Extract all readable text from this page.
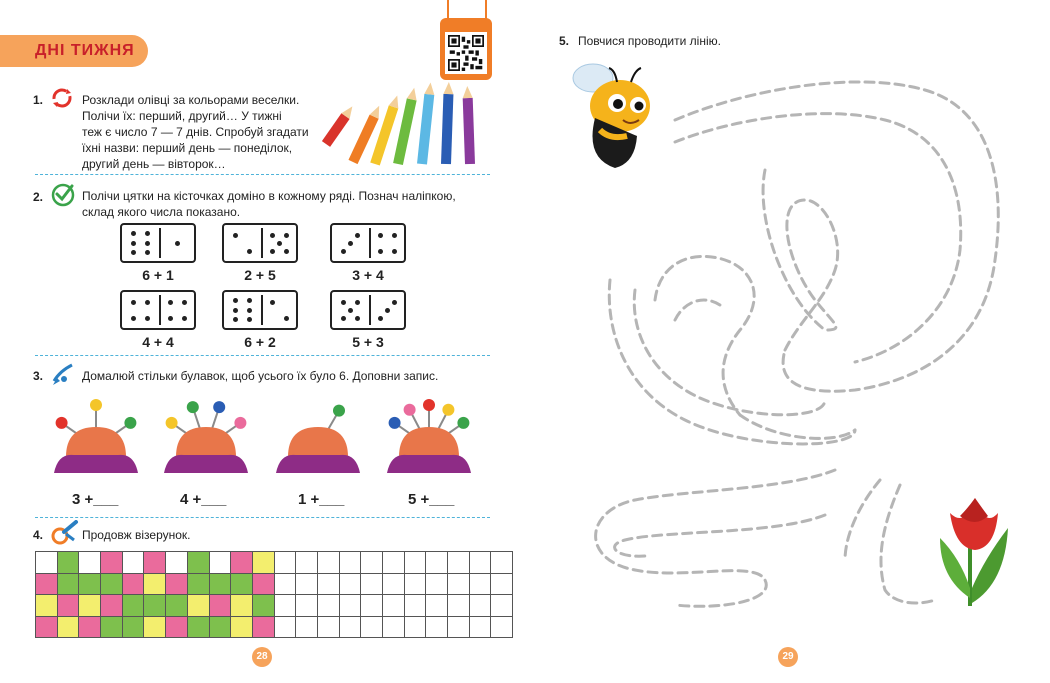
ДНІ ТИЖНЯ
1.	Розклади олівці за кольорами веселки.
Полічи їх: перший, другий… У тижні
теж є число 7 — 7 днів. Спробуй згадати
їхні назви: перший день — понеділок,
другий день — вівторок…
2.	Полічи цятки на кісточках доміно в кожному ряді. Познач наліпкою,
склад якого числа показано.
6 + 1	2 + 5	3 + 4
4 + 4	6 + 2	5 + 3
3.	Домалюй стільки булавок, щоб усього їх було 6. Доповни запис.
3 +___	4 +___	1 +___	5 +___
4.	Продовж візерунок.

28
5. Повчися проводити лінію.
29
